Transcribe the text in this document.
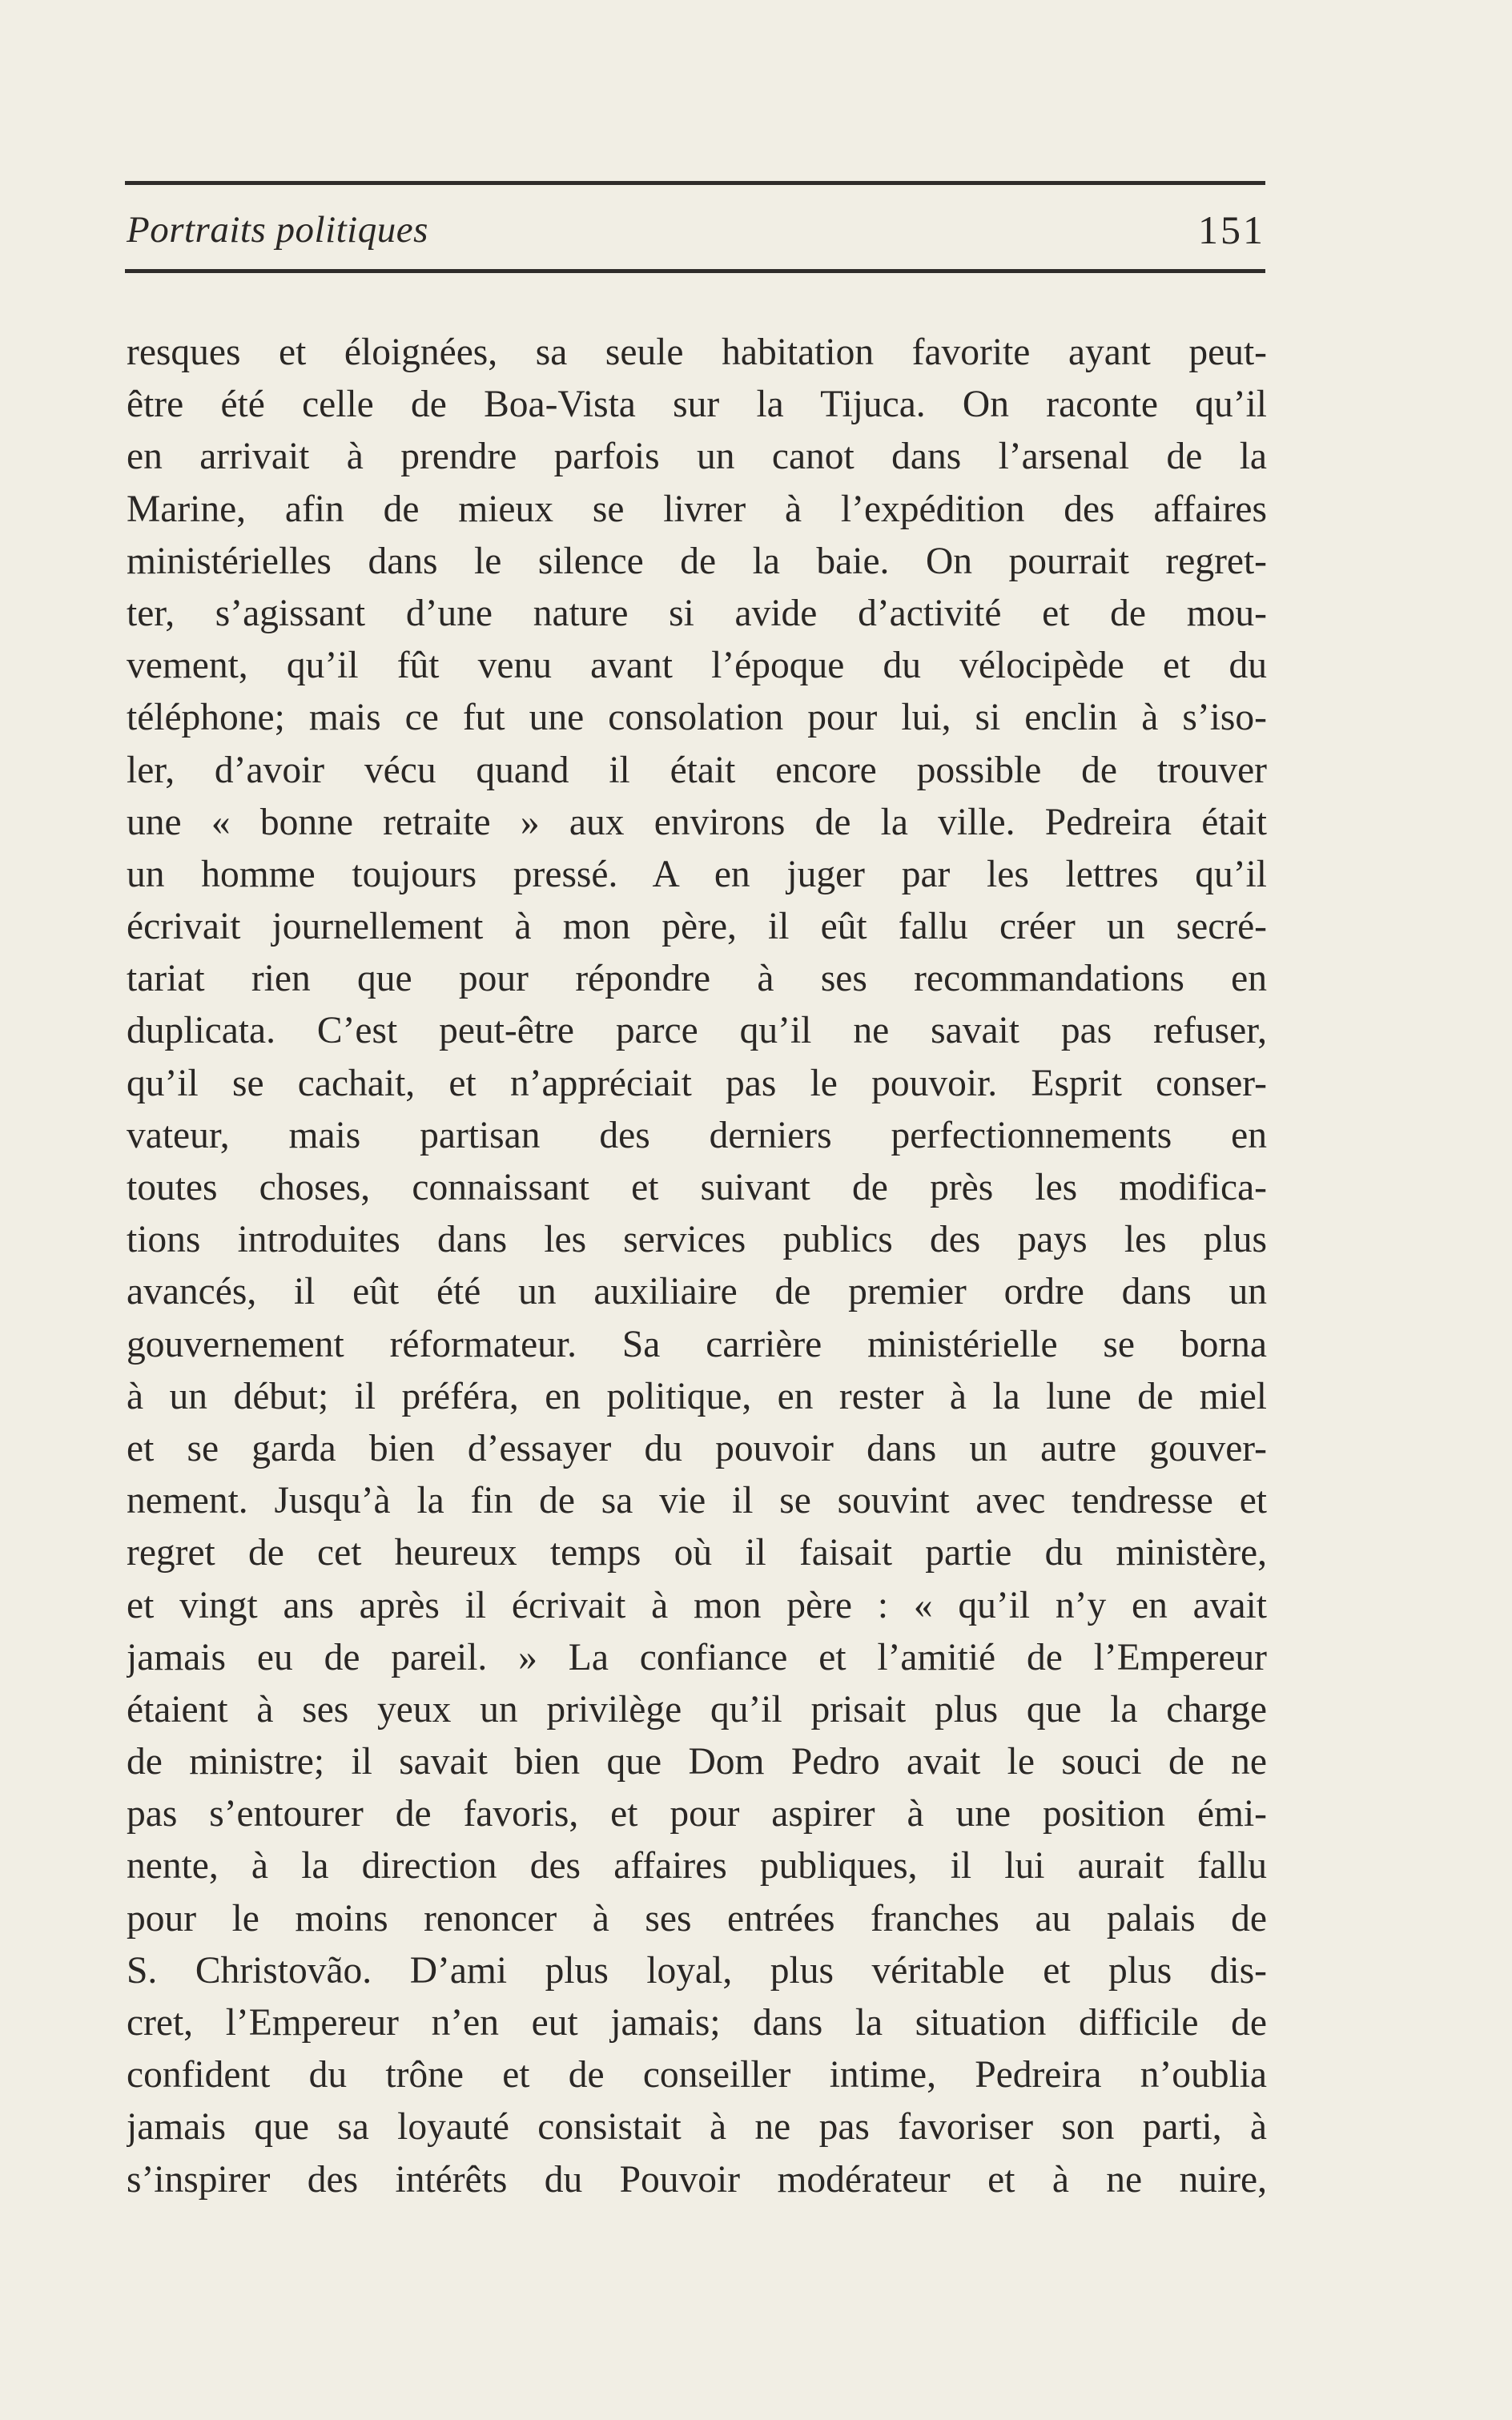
Portraits politiques	151
resques et éloignées, sa seule habitation favorite ayant peut-
être été celle de Boa-Vista sur la Tijuca. On raconte qu’il
en arrivait à prendre parfois un canot dans l’arsenal de la
Marine, afin de mieux se livrer à l’expédition des affaires
ministérielles dans le silence de la baie. On pourrait regret-
ter, s’agissant d’une nature si avide d’activité et de mou-
vement, qu’il fût venu avant l’époque du vélocipède et du
téléphone; mais ce fut une consolation pour lui, si enclin à s’iso-
ler, d’avoir vécu quand il était encore possible de trouver
une « bonne retraite » aux environs de la ville. Pedreira était
un homme toujours pressé. A en juger par les lettres qu’il
écrivait journellement à mon père, il eût fallu créer un secré-
tariat rien que pour répondre à ses recommandations en
duplicata. C’est peut-être parce qu’il ne savait pas refuser,
qu’il se cachait, et n’appréciait pas le pouvoir. Esprit conser-
vateur, mais partisan des derniers perfectionnements en
toutes choses, connaissant et suivant de près les modifica-
tions introduites dans les services publics des pays les plus
avancés, il eût été un auxiliaire de premier ordre dans un
gouvernement réformateur. Sa carrière ministérielle se borna
à un début; il préféra, en politique, en rester à la lune de miel
et se garda bien d’essayer du pouvoir dans un autre gouver-
nement. Jusqu’à la fin de sa vie il se souvint avec tendresse et
regret de cet heureux temps où il faisait partie du ministère,
et vingt ans après il écrivait à mon père : « qu’il n’y en avait
jamais eu de pareil. » La confiance et l’amitié de l’Empereur
étaient à ses yeux un privilège qu’il prisait plus que la charge
de ministre; il savait bien que Dom Pedro avait le souci de ne
pas s’entourer de favoris, et pour aspirer à une position émi-
nente, à la direction des affaires publiques, il lui aurait fallu
pour le moins renoncer à ses entrées franches au palais de
S. Christovão. D’ami plus loyal, plus véritable et plus dis-
cret, l’Empereur n’en eut jamais; dans la situation difficile de
confident du trône et de conseiller intime, Pedreira n’oublia
jamais que sa loyauté consistait à ne pas favoriser son parti, à
s’inspirer des intérêts du Pouvoir modérateur et à ne nuire,
